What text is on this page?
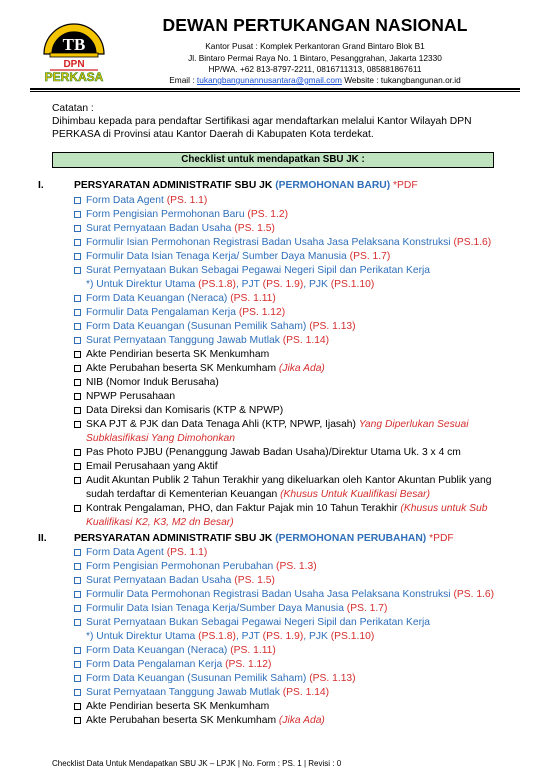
TB
DPN
PERKASA
DEWAN PERTUKANGAN NASIONAL
Kantor Pusat : Komplek Perkantoran Grand Bintaro Blok B1
Jl. Bintaro Permai Raya No. 1 Bintaro, Pesanggrahan, Jakarta 12330
HP/WA. +62 813-8797-2211, 0816711313, 085881867611
Email : tukangbangunannusantara@gmail.com Website : tukangbangunan.or.id
Catatan :
Dihimbau kepada para pendaftar Sertifikasi agar mendaftarkan melalui Kantor Wilayah DPN
PERKASA di Provinsi atau Kantor Daerah di Kabupaten Kota terdekat.
Checklist untuk mendapatkan SBU JK :
I.	PERSYARATAN ADMINISTRATIF SBU JK (PERMOHONAN BARU) *PDF
Form Data Agent (PS. 1.1)
Form Pengisian Permohonan Baru (PS. 1.2)
Surat Pernyataan Badan Usaha (PS. 1.5)
Formulir Isian Permohonan Registrasi Badan Usaha Jasa Pelaksana Konstruksi (PS.1.6)
Formulir Data Isian Tenaga Kerja/ Sumber Daya Manusia (PS. 1.7)
Surat Pernyataan Bukan Sebagai Pegawai Negeri Sipil dan Perikatan Kerja
*) Untuk Direktur Utama (PS.1.8), PJT (PS. 1.9), PJK (PS.1.10)
Form Data Keuangan (Neraca) (PS. 1.11)
Formulir Data Pengalaman Kerja (PS. 1.12)
Form Data Keuangan (Susunan Pemilik Saham) (PS. 1.13)
Surat Pernyataan Tanggung Jawab Mutlak (PS. 1.14)
Akte Pendirian beserta SK Menkumham
Akte Perubahan beserta SK Menkumham (Jika Ada)
NIB (Nomor Induk Berusaha)
NPWP Perusahaan
Data Direksi dan Komisaris (KTP & NPWP)
SKA PJT & PJK dan Data Tenaga Ahli (KTP, NPWP, Ijasah) Yang Diperlukan Sesuai
Subklasifikasi Yang Dimohonkan
Pas Photo PJBU (Penanggung Jawab Badan Usaha)/Direktur Utama Uk. 3 x 4 cm
Email Perusahaan yang Aktif
Audit Akuntan Publik 2 Tahun Terakhir yang dikeluarkan oleh Kantor Akuntan Publik yang
sudah terdaftar di Kementerian Keuangan (Khusus Untuk Kualifikasi Besar)
Kontrak Pengalaman, PHO, dan Faktur Pajak min 10 Tahun Terakhir (Khusus untuk Sub
Kualifikasi K2, K3, M2 dn Besar)
II.	PERSYARATAN ADMINISTRATIF SBU JK (PERMOHONAN PERUBAHAN) *PDF
Form Data Agent (PS. 1.1)
Form Pengisian Permohonan Perubahan (PS. 1.3)
Surat Pernyataan Badan Usaha (PS. 1.5)
Formulir Data Permohonan Registrasi Badan Usaha Jasa Pelaksana Konstruksi (PS. 1.6)
Formulir Data Isian Tenaga Kerja/Sumber Daya Manusia (PS. 1.7)
Surat Pernyataan Bukan Sebagai Pegawai Negeri Sipil dan Perikatan Kerja
*) Untuk Direktur Utama (PS.1.8), PJT (PS. 1.9), PJK (PS.1.10)
Form Data Keuangan (Neraca) (PS. 1.11)
Form Data Pengalaman Kerja (PS. 1.12)
Form Data Keuangan (Susunan Pemilik Saham) (PS. 1.13)
Surat Pernyataan Tanggung Jawab Mutlak (PS. 1.14)
Akte Pendirian beserta SK Menkumham
Akte Perubahan beserta SK Menkumham (Jika Ada)
Checklist Data Untuk Mendapatkan SBU JK – LPJK | No. Form : PS. 1 | Revisi : 0
